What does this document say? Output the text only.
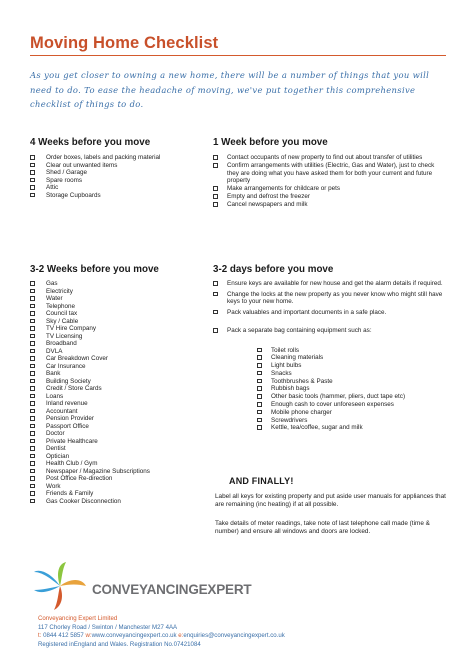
Moving Home Checklist
As you get closer to owning a new home, there will be a number of things that you will need to do. To ease the headache of moving, we've put together this comprehensive checklist of things to do.
4 Weeks before you move
Order boxes, labels and packing material
Clear out unwanted items
Shed / Garage
Spare rooms
Attic
Storage Cupboards
1 Week before you move
Contact occupants of new property to find out about transfer of utilities
Confirm arrangements with utilities (Electric, Gas and Water), just to check they are doing what you have asked them for both your current and future property
Make arrangements for childcare or pets
Empty and defrost the freezer
Cancel newspapers and milk
3-2 Weeks before you move
Gas
Electricity
Water
Telephone
Council tax
Sky / Cable
TV Hire Company
TV Licensing
Broadband
DVLA
Car Breakdown Cover
Car Insurance
Bank
Building Society
Credit / Store Cards
Loans
Inland revenue
Accountant
Pension Provider
Passport Office
Doctor
Private Healthcare
Dentist
Optician
Health Club / Gym
Newspaper / Magazine Subscriptions
Post Office Re-direction
Work
Friends & Family
Gas Cooker Disconnection
3-2 days before you move
Ensure keys are available for new house and get the alarm details if required.
Change the locks at the new property as you never know who might still have keys to your new home.
Pack valuables and important documents in a safe place.
Pack a separate bag containing equipment such as:
Toilet rolls
Cleaning materials
Light bulbs
Snacks
Toothbrushes & Paste
Rubbish bags
Other basic tools (hammer, pliers, duct tape etc)
Enough cash to cover unforeseen expenses
Mobile phone charger
Screwdrivers
Kettle, tea/coffee, sugar and milk
AND FINALLY!

Label all keys for existing property and put aside user manuals for appliances that are remaining (inc heating) if at all possible.

Take details of meter readings, take note of last telephone call made (time & number) and ensure all windows and doors are locked.

CONVEYANCINGEXPERT
Conveyancing Expert Limited
117 Chorley Road / Swinton / Manchester M27 4AA
t: 0844 412 5857 w:www.conveyancingexpert.co.uk e:enquiries@conveyancingexpert.co.uk
Registered inEngland and Wales. Registration No.07421084
